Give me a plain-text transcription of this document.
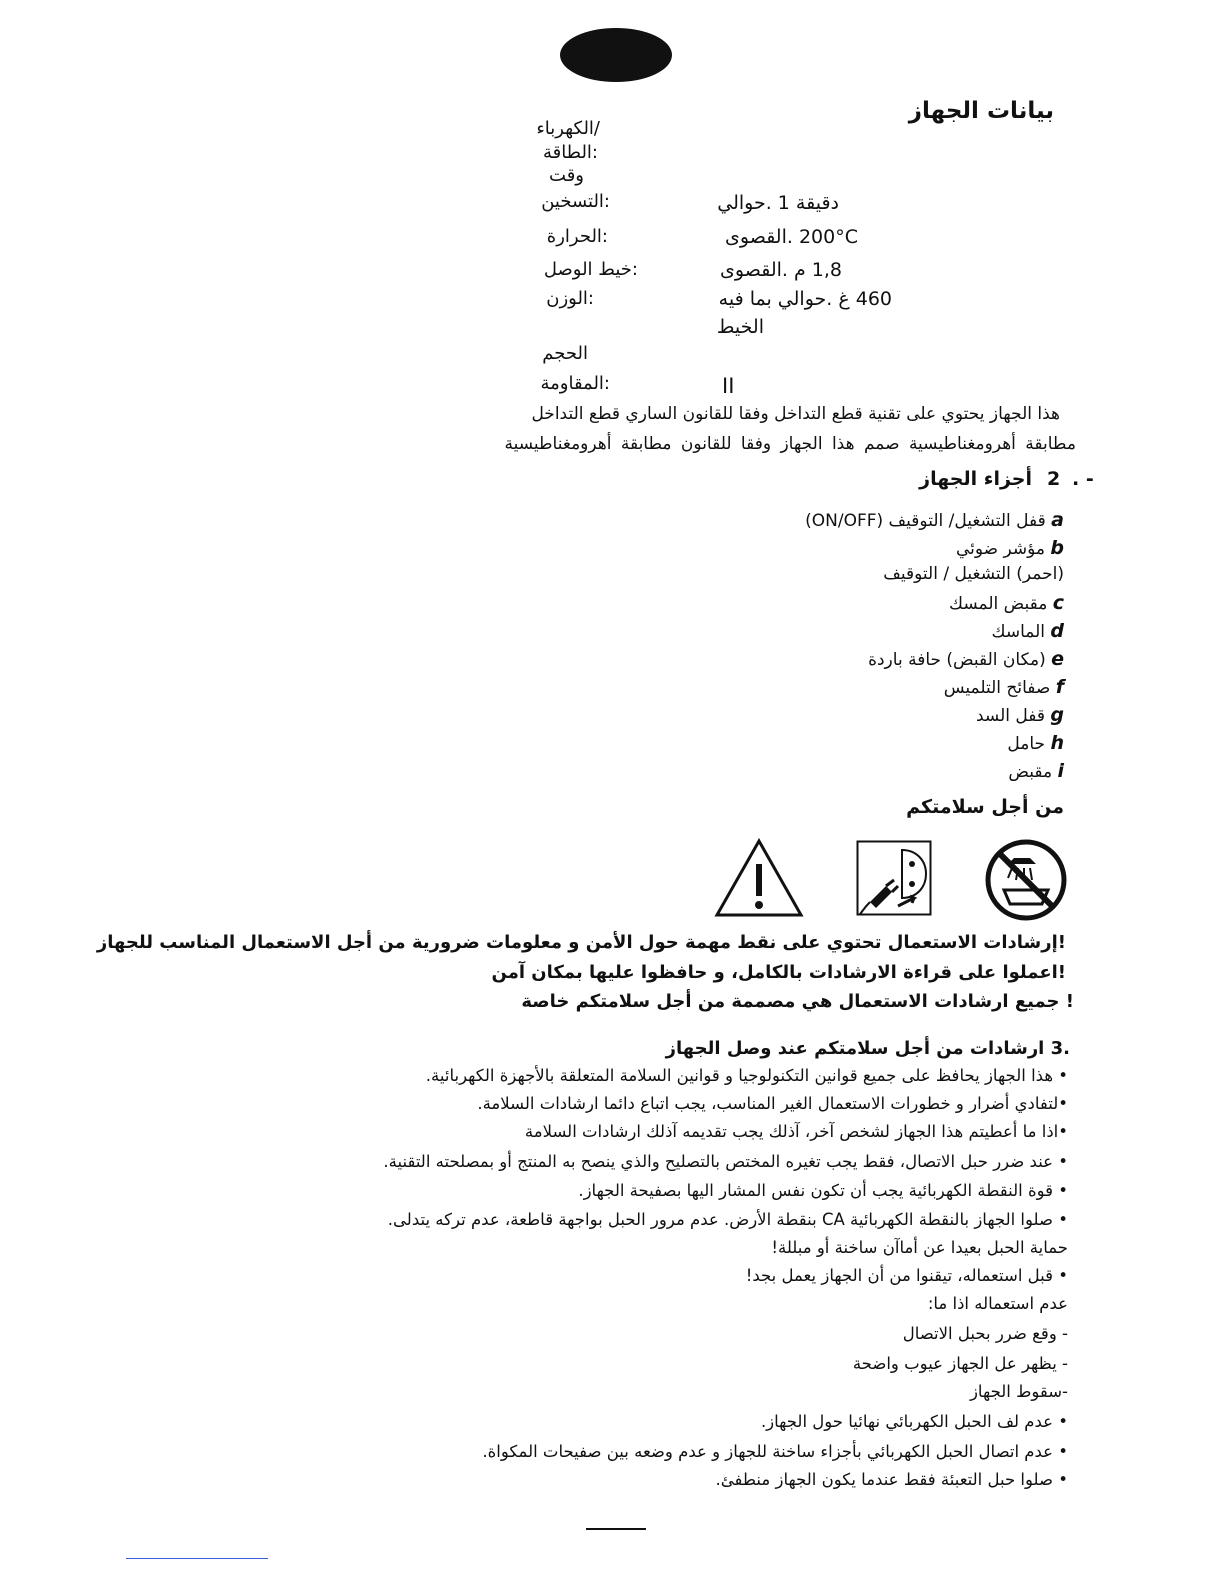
بيانات الجهاز
/الكهرباء
:الطاقة
وقت
:التسخين	دقيقة 1 .حوالي
:الحرارة	200°C .القصوى
:خيط الوصل	1,8 م .القصوى
:الوزن	460 غ .حوالي بما فيه
الخيط
الحجم
:المقاومة	II
هذا الجهاز يحتوي على تقنية قطع التداخل وفقا للقانون الساري قطع التداخل
مطابقة أهرومغناطيسية صمم هذا الجهاز وفقا للقانون مطابقة أهرومغناطيسية
. -
2
أجزاء الجهاز
a قفل التشغيل/ التوقيف (ON/OFF)
b مؤشر ضوئي
(احمر) التشغيل / التوقيف
c مقبض المسك
d الماسك
e (مكان القبض) حافة باردة
f صفائح التلميس
g قفل السد
h حامل
i مقبض
من أجل سلامتكم
!إرشادات الاستعمال تحتوي على نقط مهمة حول الأمن و معلومات ضرورية من أجل الاستعمال المناسب للجهاز
!اعملوا على قراءة الارشادات بالكامل، و حافظوا عليها بمكان آمن
! جميع ارشادات الاستعمال هي مصممة من أجل سلامتكم خاصة
.3 ارشادات من أجل سلامتكم عند وصل الجهاز
• هذا الجهاز يحافظ على جميع قوانين التكنولوجيا و قوانين السلامة المتعلقة بالأجهزة الكهربائية.
•لتفادي أضرار و خطورات الاستعمال الغير المناسب، يجب اتباع دائما ارشادات السلامة.
•اذا ما أعطيتم هذا الجهاز لشخص آخر، آذلك يجب تقديمه آذلك ارشادات السلامة
• عند ضرر حبل الاتصال، فقط يجب تغيره المختص بالتصليح والذي ينصح به المنتج أو بمصلحته التقنية.
• قوة النقطة الكهربائية يجب أن تكون نفس المشار اليها بصفيحة الجهاز.
• صلوا الجهاز بالنقطة الكهربائية CA بنقطة الأرض. عدم مرور الحبل بواجهة قاطعة، عدم تركه يتدلى.
حماية الحبل بعيدا عن أماآن ساخنة أو مبللة!
• قبل استعماله، تيقنوا من أن الجهاز يعمل بجد!
عدم استعماله اذا ما:
- وقع ضرر بحبل الاتصال
- يظهر عل الجهاز عيوب واضحة
-سقوط الجهاز
• عدم لف الحبل الكهربائي نهائيا حول الجهاز.
• عدم اتصال الحبل الكهربائي بأجزاء ساخنة للجهاز و عدم وضعه بين صفيحات المكواة.
• صلوا حبل التعبئة فقط عندما يكون الجهاز منطفئ.
